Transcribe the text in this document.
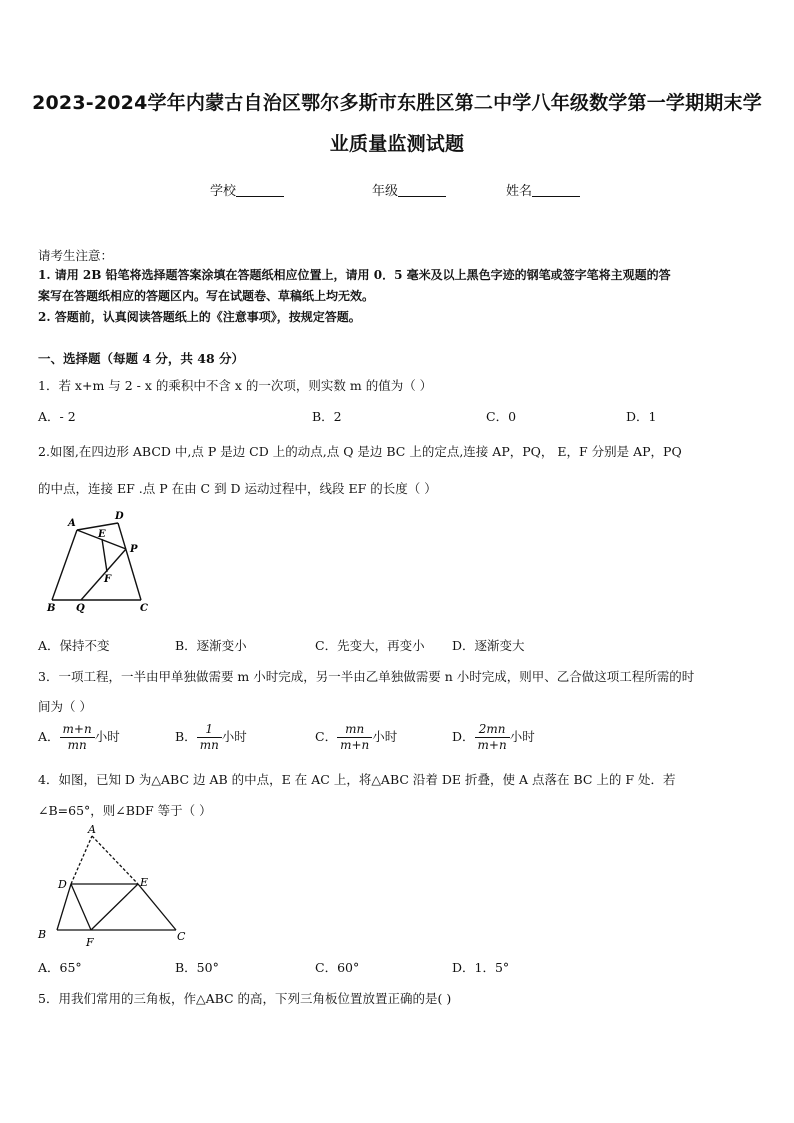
2023-2024学年内蒙古自治区鄂尔多斯市东胜区第二中学八年级数学第一学期期末学
业质量监测试题
学校	年级	姓名
请考生注意：
1. 请用 2B 铅笔将选择题答案涂填在答题纸相应位置上，请用 0．5 毫米及以上黑色字迹的钢笔或签字笔将主观题的答
案写在答题纸相应的答题区内。写在试题卷、草稿纸上均无效。
2. 答题前，认真阅读答题纸上的《注意事项》，按规定答题。
一、选择题（每题 4 分，共 48 分）
1．若 x+m 与 2 - x 的乘积中不含 x 的一次项，则实数 m 的值为（ ）
A．- 2	B．2	C．0	D．1
2.如图,在四边形 ABCD 中,点 P 是边 CD 上的动点,点 Q 是边 BC 上的定点,连接 AP，PQ， E，F 分别是 AP，PQ
的中点，连接 EF .点 P 在由 C 到 D 运动过程中，线段 EF 的长度（ ）
A
D
E
P
F
B Q	C
A．保持不变	B．逐渐变小	C．先变大，再变小 D．逐渐变大
3．一项工程，一半由甲单独做需要 m 小时完成，另一半由乙单独做需要 n 小时完成，则甲、乙合做这项工程所需的时
间为（ ）
A． $\frac{m+n}{mn}$ 小时	B． $\frac{1}{mn}$ 小时	C． $\frac{mn}{m+n}$ 小时	D． $\frac{2mn}{m+n}$ 小时
4．如图，已知 D 为△ABC 边 AB 的中点，E 在 AC 上，将△ABC 沿着 DE 折叠，使 A 点落在 BC 上的 F 处．若
∠B=65°，则∠BDF 等于（ ）
A
D	E
B
F	C
A．65°	B．50°	C．60°	D．1．5°
5．用我们常用的三角板，作△ABC 的高，下列三角板位置放置正确的是( )
